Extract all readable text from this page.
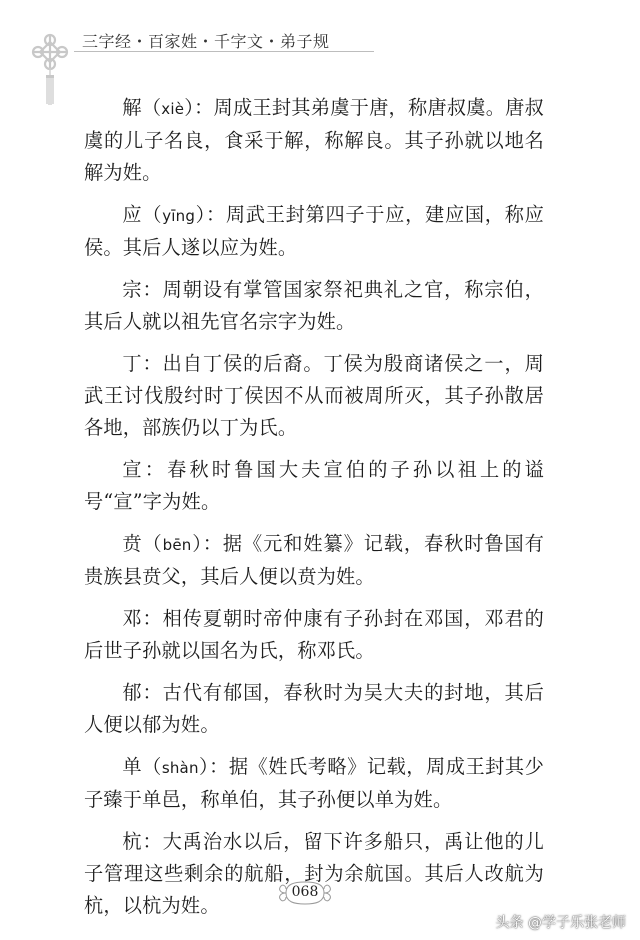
三字经・百家姓・千字文・弟子规

解（xiè）：周成王封其弟虞于唐，称唐叔虞。唐叔虞的儿子名良，食采于解，称解良。其子孙就以地名解为姓。

应（yīng）：周武王封第四子于应，建应国，称应侯。其后人遂以应为姓。

宗：周朝设有掌管国家祭祀典礼之官，称宗伯，其后人就以祖先官名宗字为姓。

丁：出自丁侯的后裔。丁侯为殷商诸侯之一，周武王讨伐殷纣时丁侯因不从而被周所灭，其子孙散居各地，部族仍以丁为氏。

宣：春秋时鲁国大夫宣伯的子孙以祖上的谥号“宣”字为姓。

贲（bēn）：据《元和姓纂》记载，春秋时鲁国有贵族县贲父，其后人便以贲为姓。

邓：相传夏朝时帝仲康有子孙封在邓国，邓君的后世子孙就以国名为氏，称邓氏。

郁：古代有郁国，春秋时为吴大夫的封地，其后人便以郁为姓。

单（shàn）：据《姓氏考略》记载，周成王封其少子臻于单邑，称单伯，其子孙便以单为姓。

杭：大禹治水以后，留下许多船只，禹让他的儿子管理这些剩余的航船，封为余航国。其后人改航为杭，以杭为姓。

068
头条 @学子乐张老师
